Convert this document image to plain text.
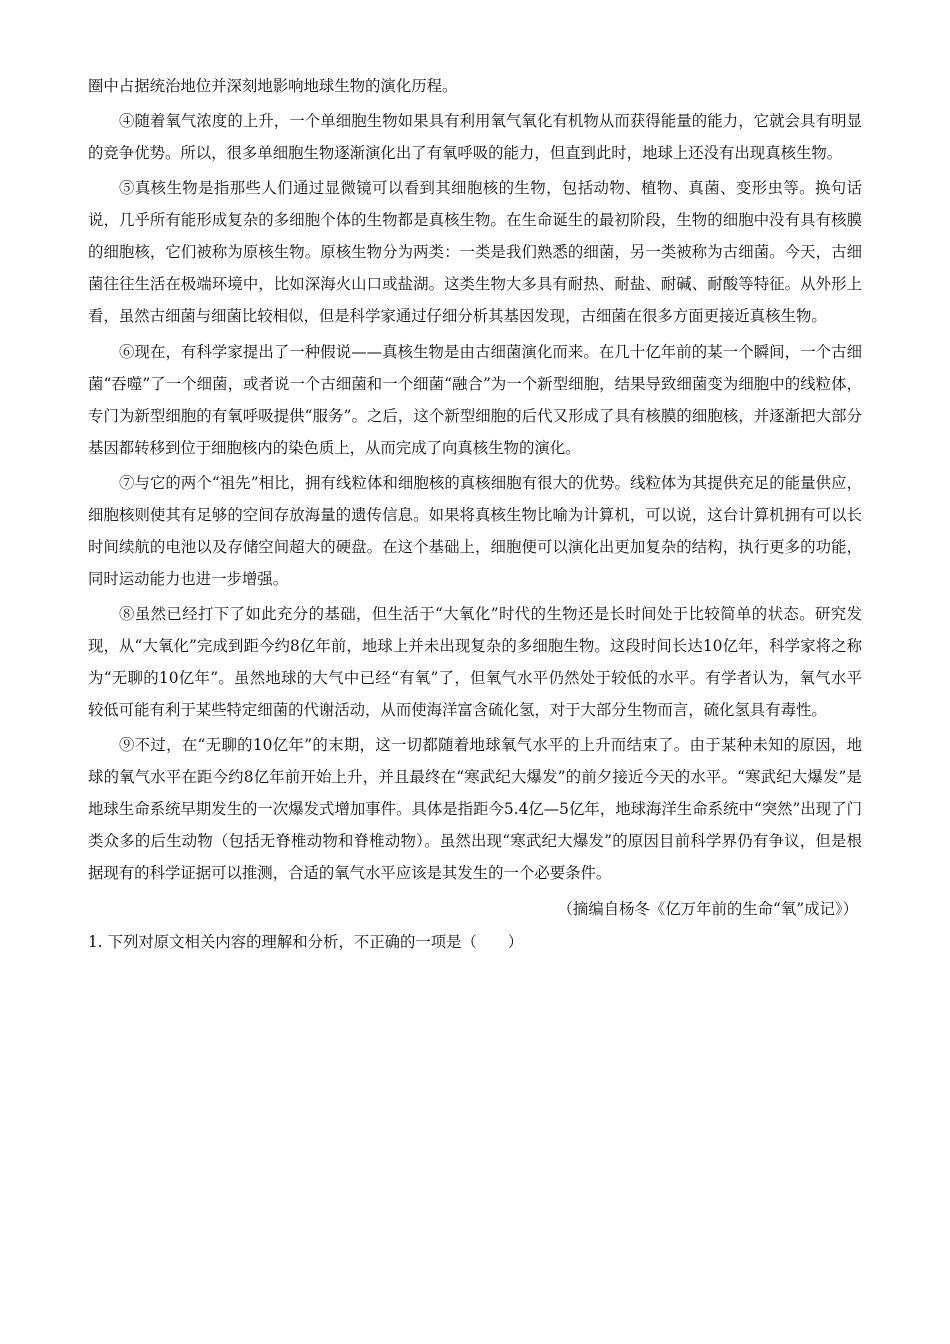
圈中占据统治地位并深刻地影响地球生物的演化历程。

④随着氧气浓度的上升，一个单细胞生物如果具有利用氧气氧化有机物从而获得能量的能力，它就会具有明显的竞争优势。所以，很多单细胞生物逐渐演化出了有氧呼吸的能力，但直到此时，地球上还没有出现真核生物。

⑤真核生物是指那些人们通过显微镜可以看到其细胞核的生物，包括动物、植物、真菌、变形虫等。换句话说，几乎所有能形成复杂的多细胞个体的生物都是真核生物。在生命诞生的最初阶段，生物的细胞中没有具有核膜的细胞核，它们被称为原核生物。原核生物分为两类：一类是我们熟悉的细菌，另一类被称为古细菌。今天，古细菌往往生活在极端环境中，比如深海火山口或盐湖。这类生物大多具有耐热、耐盐、耐碱、耐酸等特征。从外形上看，虽然古细菌与细菌比较相似，但是科学家通过仔细分析其基因发现，古细菌在很多方面更接近真核生物。

⑥现在，有科学家提出了一种假说——真核生物是由古细菌演化而来。在几十亿年前的某一个瞬间，一个古细菌“吞噬”了一个细菌，或者说一个古细菌和一个细菌“融合”为一个新型细胞，结果导致细菌变为细胞中的线粒体，专门为新型细胞的有氧呼吸提供“服务”。之后，这个新型细胞的后代又形成了具有核膜的细胞核，并逐渐把大部分基因都转移到位于细胞核内的染色质上，从而完成了向真核生物的演化。

⑦与它的两个“祖先”相比，拥有线粒体和细胞核的真核细胞有很大的优势。线粒体为其提供充足的能量供应，细胞核则使其有足够的空间存放海量的遗传信息。如果将真核生物比喻为计算机，可以说，这台计算机拥有可以长时间续航的电池以及存储空间超大的硬盘。在这个基础上，细胞便可以演化出更加复杂的结构，执行更多的功能，同时运动能力也进一步增强。

⑧虽然已经打下了如此充分的基础，但生活于“大氧化”时代的生物还是长时间处于比较简单的状态。研究发现，从“大氧化”完成到距今约8亿年前，地球上并未出现复杂的多细胞生物。这段时间长达10亿年，科学家将之称为“无聊的10亿年”。虽然地球的大气中已经“有氧”了，但氧气水平仍然处于较低的水平。有学者认为，氧气水平较低可能有利于某些特定细菌的代谢活动，从而使海洋富含硫化氢，对于大部分生物而言，硫化氢具有毒性。

⑨不过，在“无聊的10亿年”的末期，这一切都随着地球氧气水平的上升而结束了。由于某种未知的原因，地球的氧气水平在距今约8亿年前开始上升，并且最终在“寒武纪大爆发”的前夕接近今天的水平。“寒武纪大爆发”是地球生命系统早期发生的一次爆发式增加事件。具体是指距今5.4亿—5亿年，地球海洋生命系统中“突然”出现了门类众多的后生动物（包括无脊椎动物和脊椎动物）。虽然出现“寒武纪大爆发”的原因目前科学界仍有争议，但是根据现有的科学证据可以推测，合适的氧气水平应该是其发生的一个必要条件。

（摘编自杨冬《亿万年前的生命“氧”成记》）

1. 下列对原文相关内容的理解和分析，不正确的一项是（　　）
